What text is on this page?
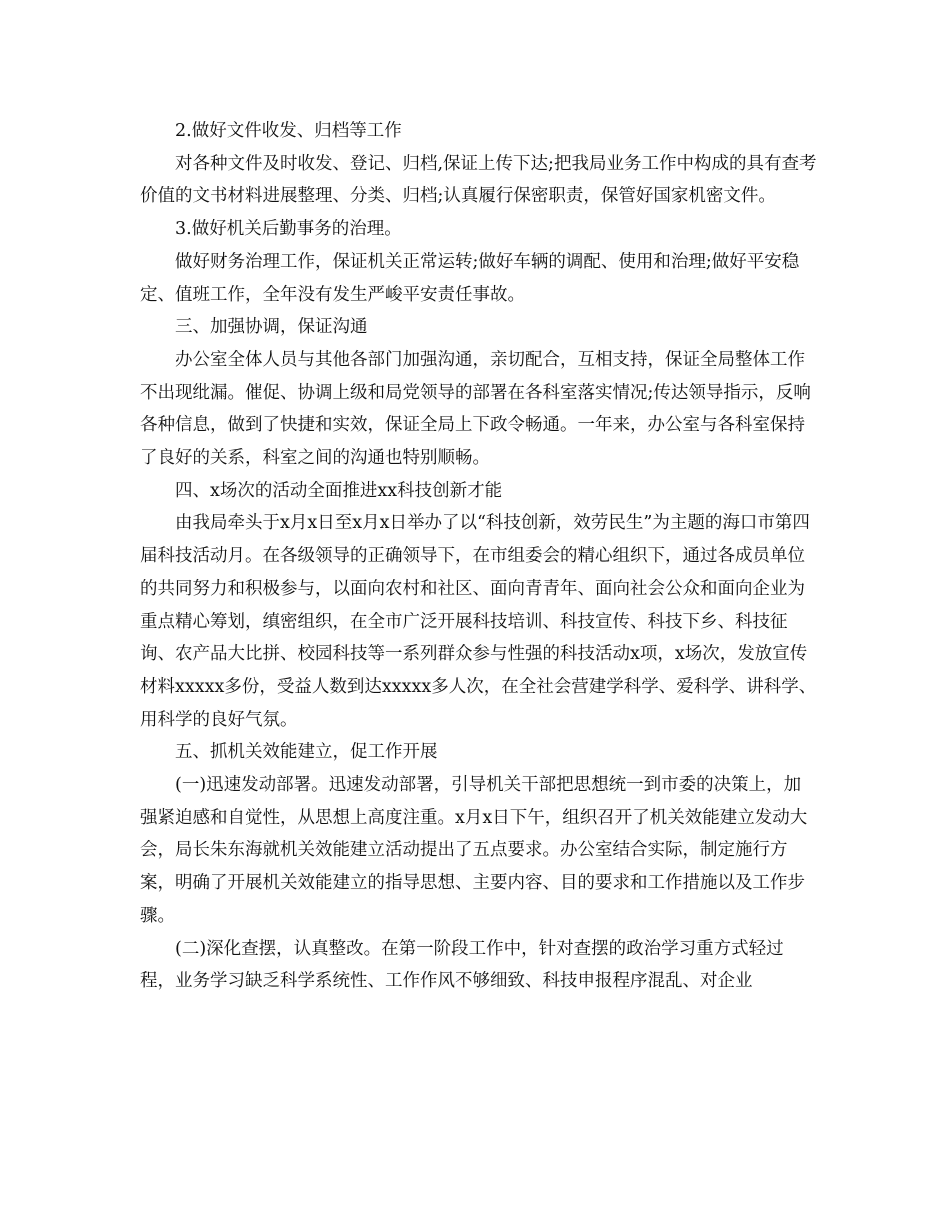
2.做好文件收发、归档等工作

对各种文件及时收发、登记、归档,保证上传下达;把我局业务工作中构成的具有查考价值的文书材料进展整理、分类、归档;认真履行保密职责，保管好国家机密文件。

3.做好机关后勤事务的治理。

做好财务治理工作，保证机关正常运转;做好车辆的调配、使用和治理;做好平安稳定、值班工作，全年没有发生严峻平安责任事故。

三、加强协调，保证沟通

办公室全体人员与其他各部门加强沟通，亲切配合，互相支持，保证全局整体工作不出现纰漏。催促、协调上级和局党领导的部署在各科室落实情况;传达领导指示，反响各种信息，做到了快捷和实效，保证全局上下政令畅通。一年来，办公室与各科室保持了良好的关系，科室之间的沟通也特别顺畅。

四、x场次的活动全面推进xx科技创新才能

由我局牵头于x月x日至x月x日举办了以“科技创新，效劳民生”为主题的海口市第四届科技活动月。在各级领导的正确领导下，在市组委会的精心组织下，通过各成员单位的共同努力和积极参与，以面向农村和社区、面向青青年、面向社会公众和面向企业为重点精心筹划，缜密组织，在全市广泛开展科技培训、科技宣传、科技下乡、科技征询、农产品大比拼、校园科技等一系列群众参与性强的科技活动x项，x场次，发放宣传材料xxxxx多份，受益人数到达xxxxx多人次，在全社会营建学科学、爱科学、讲科学、用科学的良好气氛。

五、抓机关效能建立，促工作开展

(一)迅速发动部署。迅速发动部署，引导机关干部把思想统一到市委的决策上，加强紧迫感和自觉性，从思想上高度注重。x月x日下午，组织召开了机关效能建立发动大会，局长朱东海就机关效能建立活动提出了五点要求。办公室结合实际，制定施行方案，明确了开展机关效能建立的指导思想、主要内容、目的要求和工作措施以及工作步骤。

(二)深化查摆，认真整改。在第一阶段工作中，针对查摆的政治学习重方式轻过程，业务学习缺乏科学系统性、工作作风不够细致、科技申报程序混乱、对企业
